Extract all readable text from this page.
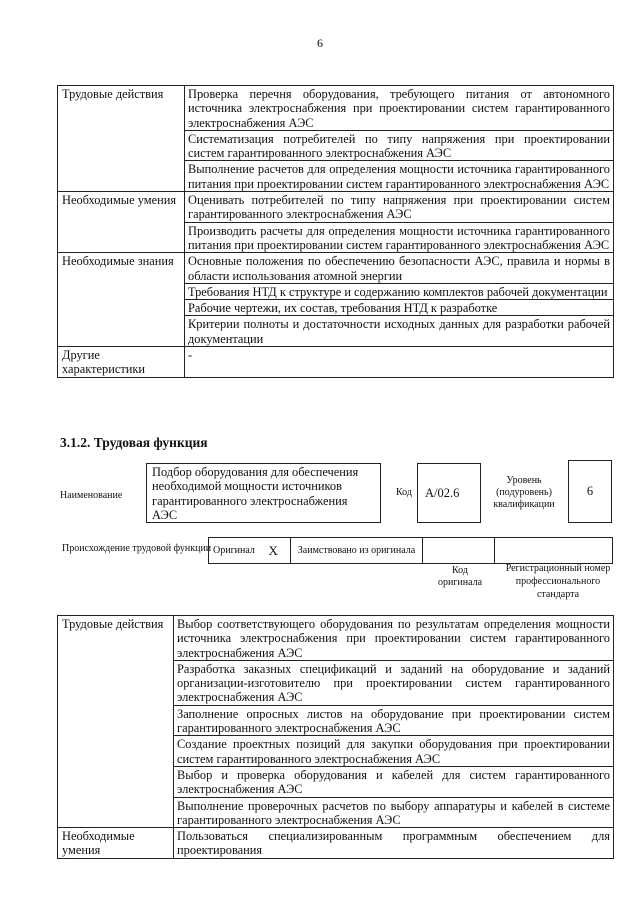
6
Трудовые действия	Проверка перечня оборудования, требующего питания от автономного источника электроснабжения при проектировании систем гарантированного электроснабжения АЭС
	Систематизация потребителей по типу напряжения при проектировании систем гарантированного электроснабжения АЭС
	Выполнение расчетов для определения мощности источника гарантированного питания при проектировании систем гарантированного электроснабжения АЭС
Необходимые умения	Оценивать потребителей по типу напряжения при проектировании систем гарантированного электроснабжения АЭС
	Производить расчеты для определения мощности источника гарантированного питания при проектировании систем гарантированного электроснабжения АЭС
Необходимые знания	Основные положения по обеспечению безопасности АЭС, правила и нормы в области использования атомной энергии
	Требования НТД к структуре и содержанию комплектов рабочей документации
	Рабочие чертежи, их состав, требования НТД к разработке
	Критерии полноты и достаточности исходных данных для разработки рабочей документации
Другие характеристики	-
3.1.2. Трудовая функция
Наименование
Подбор оборудования для обеспечения необходимой мощности источников гарантированного электроснабжения АЭС
Код	А/02.6
Уровень (подуровень) квалификации
6
Происхождение трудовой функции Оригинал	X	Заимствовано из оригинала		
Код оригинала
Регистрационный номер профессионального стандарта
Трудовые действия	Выбор соответствующего оборудования по результатам определения мощности источника электроснабжения при проектировании систем гарантированного электроснабжения АЭС
	Разработка заказных спецификаций и заданий на оборудование и заданий организации-изготовителю при проектировании систем гарантированного электроснабжения АЭС
	Заполнение опросных листов на оборудование при проектировании систем гарантированного электроснабжения АЭС
	Создание проектных позиций для закупки оборудования при проектировании систем гарантированного электроснабжения АЭС
	Выбор и проверка оборудования и кабелей для систем гарантированного электроснабжения АЭС
	Выполнение проверочных расчетов по выбору аппаратуры и кабелей в системе гарантированного электроснабжения АЭС
Необходимые умения	Пользоваться специализированным программным обеспечением для проектирования
